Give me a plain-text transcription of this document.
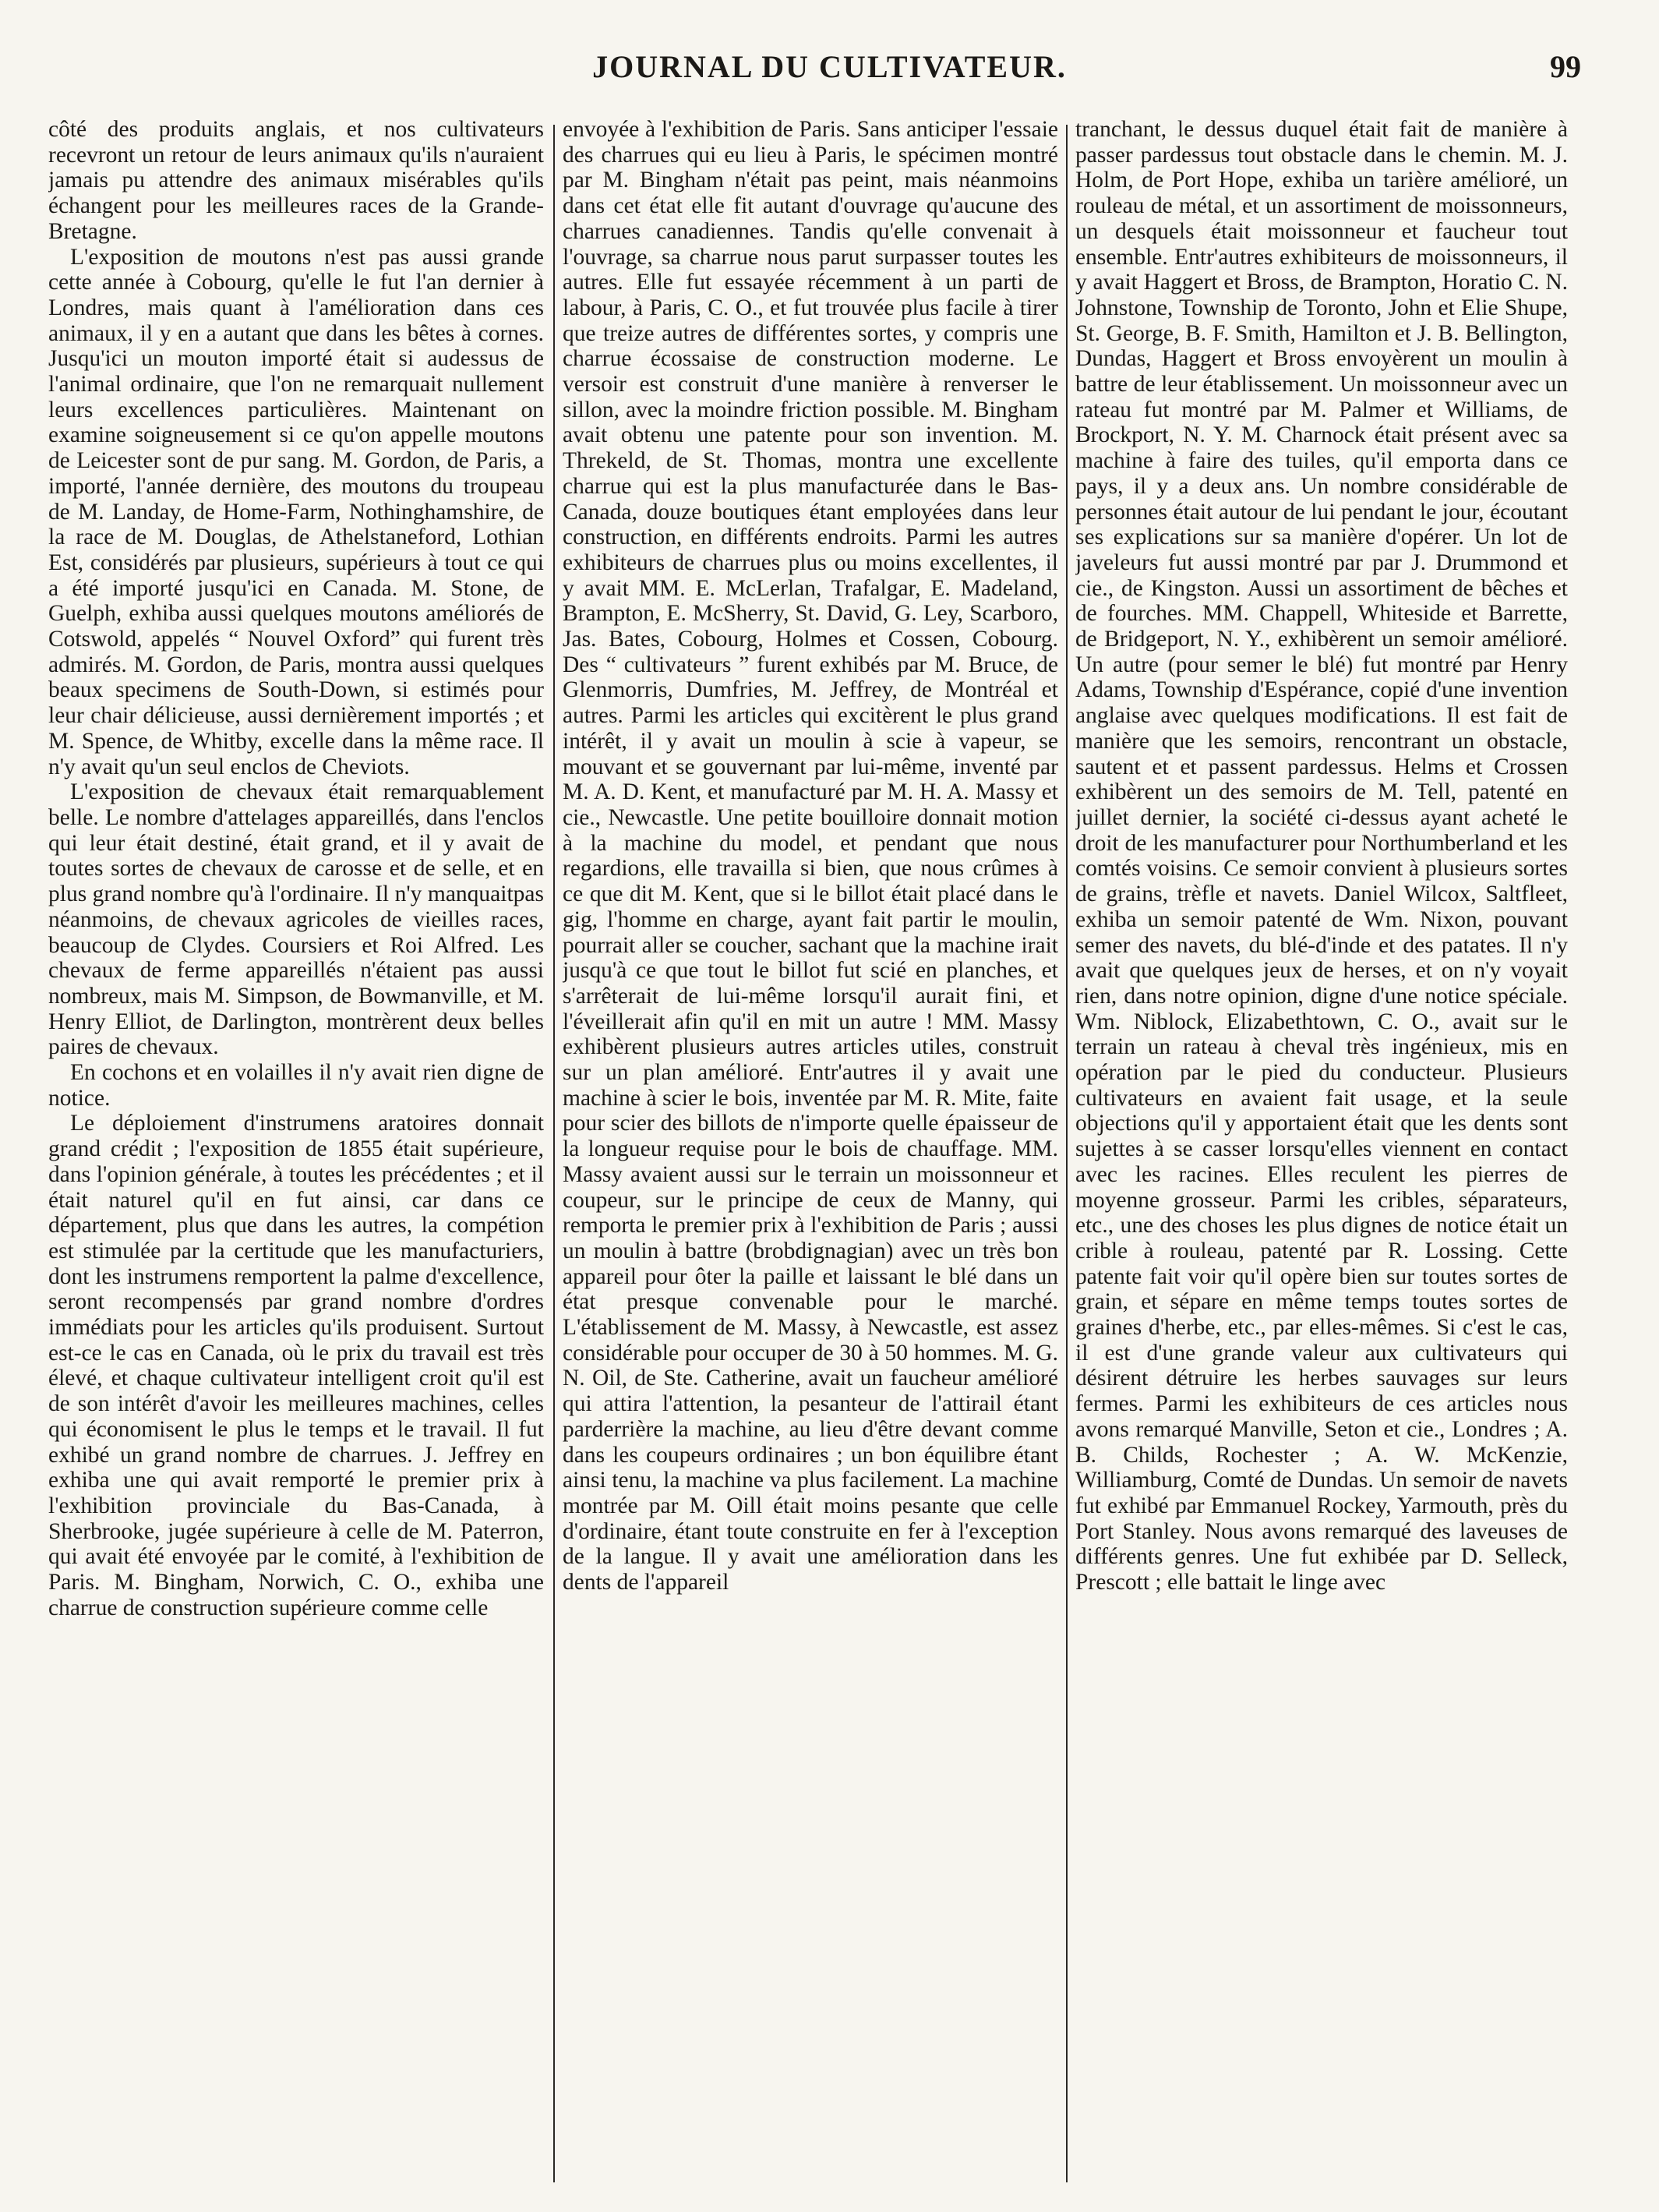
JOURNAL DU CULTIVATEUR.	99

côté des produits anglais, et nos cultivateurs recevront un retour de leurs animaux qu'ils n'auraient jamais pu attendre des animaux misérables qu'ils échangent pour les meilleures races de la Grande-Bretagne.

L'exposition de moutons n'est pas aussi grande cette année à Cobourg, qu'elle le fut l'an dernier à Londres, mais quant à l'amélioration dans ces animaux, il y en a autant que dans les bêtes à cornes. Jusqu'ici un mouton importé était si audessus de l'animal ordinaire, que l'on ne remarquait nullement leurs excellences particulières. Maintenant on examine soigneusement si ce qu'on appelle moutons de Leicester sont de pur sang. M. Gordon, de Paris, a importé, l'année dernière, des moutons du troupeau de M. Landay, de Home-Farm, Nothinghamshire, de la race de M. Douglas, de Athelstaneford, Lothian Est, considérés par plusieurs, supérieurs à tout ce qui a été importé jusqu'ici en Canada. M. Stone, de Guelph, exhiba aussi quelques moutons améliorés de Cotswold, appelés “ Nouvel Oxford” qui furent très admirés. M. Gordon, de Paris, montra aussi quelques beaux specimens de South-Down, si estimés pour leur chair délicieuse, aussi dernièrement importés ; et M. Spence, de Whitby, excelle dans la même race. Il n'y avait qu'un seul enclos de Cheviots.

L'exposition de chevaux était remarquablement belle. Le nombre d'attelages appareillés, dans l'enclos qui leur était destiné, était grand, et il y avait de toutes sortes de chevaux de carosse et de selle, et en plus grand nombre qu'à l'ordinaire. Il n'y manquaitpas néanmoins, de chevaux agricoles de vieilles races, beaucoup de Clydes. Coursiers et Roi Alfred. Les chevaux de ferme appareillés n'étaient pas aussi nombreux, mais M. Simpson, de Bowmanville, et M. Henry Elliot, de Darlington, montrèrent deux belles paires de chevaux.

En cochons et en volailles il n'y avait rien digne de notice.

Le déploiement d'instrumens aratoires donnait grand crédit ; l'exposition de 1855 était supérieure, dans l'opinion générale, à toutes les précédentes ; et il était naturel qu'il en fut ainsi, car dans ce département, plus que dans les autres, la compétion est stimulée par la certitude que les manufacturiers, dont les instrumens remportent la palme d'excellence, seront recompensés par grand nombre d'ordres immédiats pour les articles qu'ils produisent. Surtout est-ce le cas en Canada, où le prix du travail est très élevé, et chaque cultivateur intelligent croit qu'il est de son intérêt d'avoir les meilleures machines, celles qui économisent le plus le temps et le travail. Il fut exhibé un grand nombre de charrues. J. Jeffrey en exhiba une qui avait remporté le premier prix à l'exhibition provinciale du Bas-Canada, à Sherbrooke, jugée supérieure à celle de M. Paterron, qui avait été envoyée par le comité, à l'exhibition de Paris. M. Bingham, Norwich, C. O., exhiba une charrue de construction supérieure comme celle

envoyée à l'exhibition de Paris. Sans anticiper l'essaie des charrues qui eu lieu à Paris, le spécimen montré par M. Bingham n'était pas peint, mais néanmoins dans cet état elle fit autant d'ouvrage qu'aucune des charrues canadiennes. Tandis qu'elle convenait à l'ouvrage, sa charrue nous parut surpasser toutes les autres. Elle fut essayée récemment à un parti de labour, à Paris, C. O., et fut trouvée plus facile à tirer que treize autres de différentes sortes, y compris une charrue écossaise de construction moderne. Le versoir est construit d'une manière à renverser le sillon, avec la moindre friction possible. M. Bingham avait obtenu une patente pour son invention. M. Threkeld, de St. Thomas, montra une excellente charrue qui est la plus manufacturée dans le Bas-Canada, douze boutiques étant employées dans leur construction, en différents endroits. Parmi les autres exhibiteurs de charrues plus ou moins excellentes, il y avait MM. E. McLerlan, Trafalgar, E. Madeland, Brampton, E. McSherry, St. David, G. Ley, Scarboro, Jas. Bates, Cobourg, Holmes et Cossen, Cobourg. Des “ cultivateurs ” furent exhibés par M. Bruce, de Glenmorris, Dumfries, M. Jeffrey, de Montréal et autres. Parmi les articles qui excitèrent le plus grand intérêt, il y avait un moulin à scie à vapeur, se mouvant et se gouvernant par lui-même, inventé par M. A. D. Kent, et manufacturé par M. H. A. Massy et cie., Newcastle. Une petite bouilloire donnait motion à la machine du model, et pendant que nous regardions, elle travailla si bien, que nous crûmes à ce que dit M. Kent, que si le billot était placé dans le gig, l'homme en charge, ayant fait partir le moulin, pourrait aller se coucher, sachant que la machine irait jusqu'à ce que tout le billot fut scié en planches, et s'arrêterait de lui-même lorsqu'il aurait fini, et l'éveillerait afin qu'il en mit un autre ! MM. Massy exhibèrent plusieurs autres articles utiles, construit sur un plan amélioré. Entr'autres il y avait une machine à scier le bois, inventée par M. R. Mite, faite pour scier des billots de n'importe quelle épaisseur de la longueur requise pour le bois de chauffage. MM. Massy avaient aussi sur le terrain un moissonneur et coupeur, sur le principe de ceux de Manny, qui remporta le premier prix à l'exhibition de Paris ; aussi un moulin à battre (brobdignagian) avec un très bon appareil pour ôter la paille et laissant le blé dans un état presque convenable pour le marché. L'établissement de M. Massy, à Newcastle, est assez considérable pour occuper de 30 à 50 hommes. M. G. N. Oil, de Ste. Catherine, avait un faucheur amélioré qui attira l'attention, la pesanteur de l'attirail étant parderrière la machine, au lieu d'être devant comme dans les coupeurs ordinaires ; un bon équilibre étant ainsi tenu, la machine va plus facilement. La machine montrée par M. Oill était moins pesante que celle d'ordinaire, étant toute construite en fer à l'exception de la langue. Il y avait une amélioration dans les dents de l'appareil

tranchant, le dessus duquel était fait de manière à passer pardessus tout obstacle dans le chemin. M. J. Holm, de Port Hope, exhiba un tarière amélioré, un rouleau de métal, et un assortiment de moissonneurs, un desquels était moissonneur et faucheur tout ensemble. Entr'autres exhibiteurs de moissonneurs, il y avait Haggert et Bross, de Brampton, Horatio C. N. Johnstone, Township de Toronto, John et Elie Shupe, St. George, B. F. Smith, Hamilton et J. B. Bellington, Dundas, Haggert et Bross envoyèrent un moulin à battre de leur établissement. Un moissonneur avec un rateau fut montré par M. Palmer et Williams, de Brockport, N. Y. M. Charnock était présent avec sa machine à faire des tuiles, qu'il emporta dans ce pays, il y a deux ans. Un nombre considérable de personnes était autour de lui pendant le jour, écoutant ses explications sur sa manière d'opérer. Un lot de javeleurs fut aussi montré par par J. Drummond et cie., de Kingston. Aussi un assortiment de bêches et de fourches. MM. Chappell, Whiteside et Barrette, de Bridgeport, N. Y., exhibèrent un semoir amélioré. Un autre (pour semer le blé) fut montré par Henry Adams, Township d'Espérance, copié d'une invention anglaise avec quelques modifications. Il est fait de manière que les semoirs, rencontrant un obstacle, sautent et et passent pardessus. Helms et Crossen exhibèrent un des semoirs de M. Tell, patenté en juillet dernier, la société ci-dessus ayant acheté le droit de les manufacturer pour Northumberland et les comtés voisins. Ce semoir convient à plusieurs sortes de grains, trèfle et navets. Daniel Wilcox, Saltfleet, exhiba un semoir patenté de Wm. Nixon, pouvant semer des navets, du blé-d'inde et des patates. Il n'y avait que quelques jeux de herses, et on n'y voyait rien, dans notre opinion, digne d'une notice spéciale. Wm. Niblock, Elizabethtown, C. O., avait sur le terrain un rateau à cheval très ingénieux, mis en opération par le pied du conducteur. Plusieurs cultivateurs en avaient fait usage, et la seule objections qu'il y apportaient était que les dents sont sujettes à se casser lorsqu'elles viennent en contact avec les racines. Elles reculent les pierres de moyenne grosseur. Parmi les cribles, séparateurs, etc., une des choses les plus dignes de notice était un crible à rouleau, patenté par R. Lossing. Cette patente fait voir qu'il opère bien sur toutes sortes de grain, et sépare en même temps toutes sortes de graines d'herbe, etc., par elles-mêmes. Si c'est le cas, il est d'une grande valeur aux cultivateurs qui désirent détruire les herbes sauvages sur leurs fermes. Parmi les exhibiteurs de ces articles nous avons remarqué Manville, Seton et cie., Londres ; A. B. Childs, Rochester ; A. W. McKenzie, Williamburg, Comté de Dundas. Un semoir de navets fut exhibé par Emmanuel Rockey, Yarmouth, près du Port Stanley. Nous avons remarqué des laveuses de différents genres. Une fut exhibée par D. Selleck, Prescott ; elle battait le linge avec
